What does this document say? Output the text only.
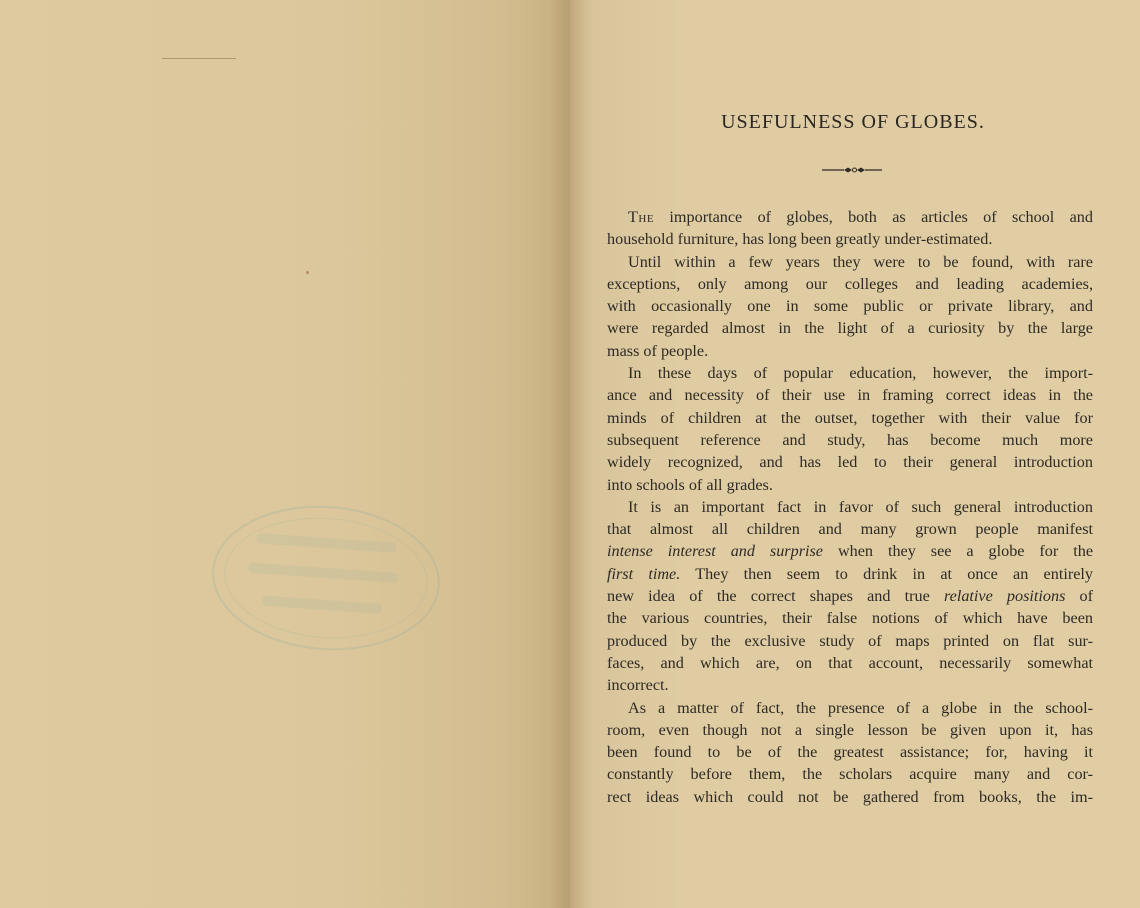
USEFULNESS OF GLOBES.
The importance of globes, both as articles of school and
household furniture, has long been greatly under-estimated.
Until within a few years they were to be found, with rare
exceptions, only among our colleges and leading academies,
with occasionally one in some public or private library, and
were regarded almost in the light of a curiosity by the large
mass of people.
In these days of popular education, however, the import-
ance and necessity of their use in framing correct ideas in the
minds of children at the outset, together with their value for
subsequent reference and study, has become much more
widely recognized, and has led to their general introduction
into schools of all grades.
It is an important fact in favor of such general introduction
that almost all children and many grown people manifest
intense interest and surprise when they see a globe for the
first time. They then seem to drink in at once an entirely
new idea of the correct shapes and true relative positions of
the various countries, their false notions of which have been
produced by the exclusive study of maps printed on flat sur-
faces, and which are, on that account, necessarily somewhat
incorrect.
As a matter of fact, the presence of a globe in the school-
room, even though not a single lesson be given upon it, has
been found to be of the greatest assistance; for, having it
constantly before them, the scholars acquire many and cor-
rect ideas which could not be gathered from books, the im-
